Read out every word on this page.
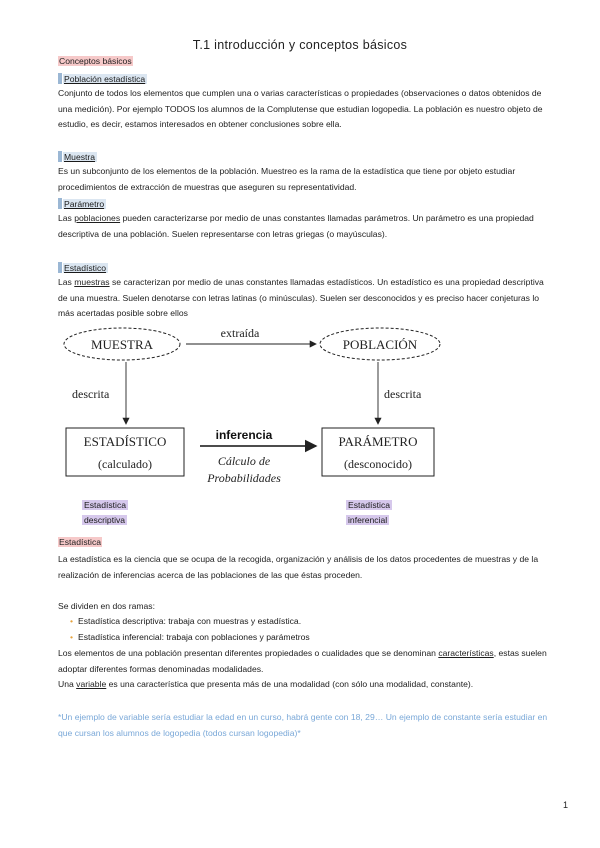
T.1 introducción y conceptos básicos
Conceptos básicos
Población estadística
Conjunto de todos los elementos que cumplen una o varias características o propiedades (observaciones o datos obtenidos de una medición). Por ejemplo TODOS los alumnos de la Complutense que estudian logopedia. La población es nuestro objeto de estudio, es decir, estamos interesados en obtener conclusiones sobre ella.
Muestra
Es un subconjunto de los elementos de la población. Muestreo es la rama de la estadística que tiene por objeto estudiar procedimientos de extracción de muestras que aseguren su representatividad.
Parámetro
Las poblaciones pueden caracterizarse por medio de unas constantes llamadas parámetros. Un parámetro es una propiedad descriptiva de una población. Suelen representarse con letras griegas (o mayúsculas).
Estadístico
Las muestras se caracterizan por medio de unas constantes llamadas estadísticos. Un estadístico es una propiedad descriptiva de una muestra. Suelen denotarse con letras latinas (o minúsculas). Suelen ser desconocidos y es preciso hacer conjeturas lo más acertadas posible sobre ellos
MUESTRA	POBLACIÓN
extraída
descrita	descrita
ESTADÍSTICO
(calculado)
PARÁMETRO
(desconocido)
inferencia
Cálculo de
Probabilidades
Estadística
descriptiva
Estadística
inferencial
Estadística
La estadística es la ciencia que se ocupa de la recogida, organización y análisis de los datos procedentes de muestras y de la realización de inferencias acerca de las poblaciones de las que éstas proceden.
Se dividen en dos ramas:
• Estadística descriptiva: trabaja con muestras y estadística.
• Estadística inferencial: trabaja con poblaciones y parámetros
Los elementos de una población presentan diferentes propiedades o cualidades que se denominan características, estas suelen adoptar diferentes formas denominadas modalidades.
Una variable es una característica que presenta más de una modalidad (con sólo una modalidad, constante).
*Un ejemplo de variable sería estudiar la edad en un curso, habrá gente con 18, 29… Un ejemplo de constante sería estudiar en que cursan los alumnos de logopedia (todos cursan logopedia)*
1
